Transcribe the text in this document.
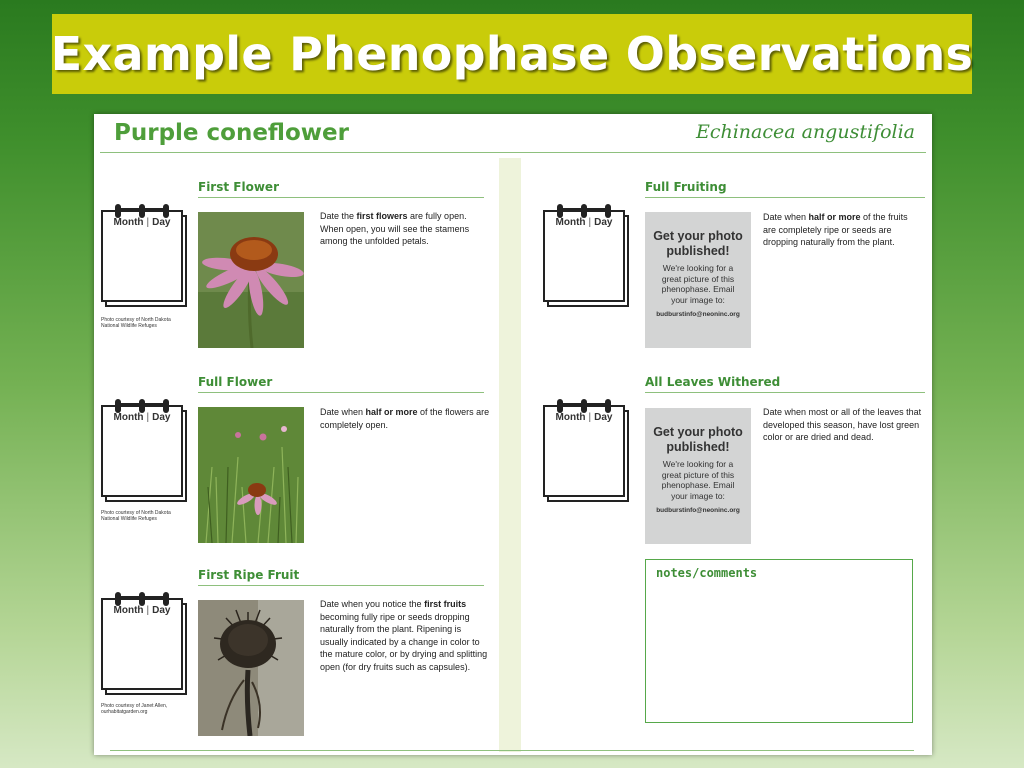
Example Phenophase Observations
Purple coneflower	Echinacea angustifolia
First Flower
Month | Day
Photo courtesy of North Dakota National Wildlife Refuges
Date the first flowers are fully open. When open, you will see the stamens among the unfolded petals.
Full Flower
Month | Day
Photo courtesy of North Dakota National Wildlife Refuges
Date when half or more of the flowers are completely open.
First Ripe Fruit
Month | Day
Photo courtesy of Janet Allen, ourhabitatgarden.org
Date when you notice the first fruits becoming fully ripe or seeds dropping naturally from the plant. Ripening is usually indicated by a change in color to the mature color, or by drying and splitting open (for dry fruits such as capsules).
Full Fruiting
Month | Day
Get your photo published!
We're looking for a great picture of this phenophase. Email your image to:
budburstinfo@neoninc.org
Date when half or more of the fruits are completely ripe or seeds are dropping naturally from the plant.
All Leaves Withered
Month | Day
Get your photo published!
We're looking for a great picture of this phenophase. Email your image to:
budburstinfo@neoninc.org
Date when most or all of the leaves that developed this season, have lost green color or are dried and dead.
notes/comments
